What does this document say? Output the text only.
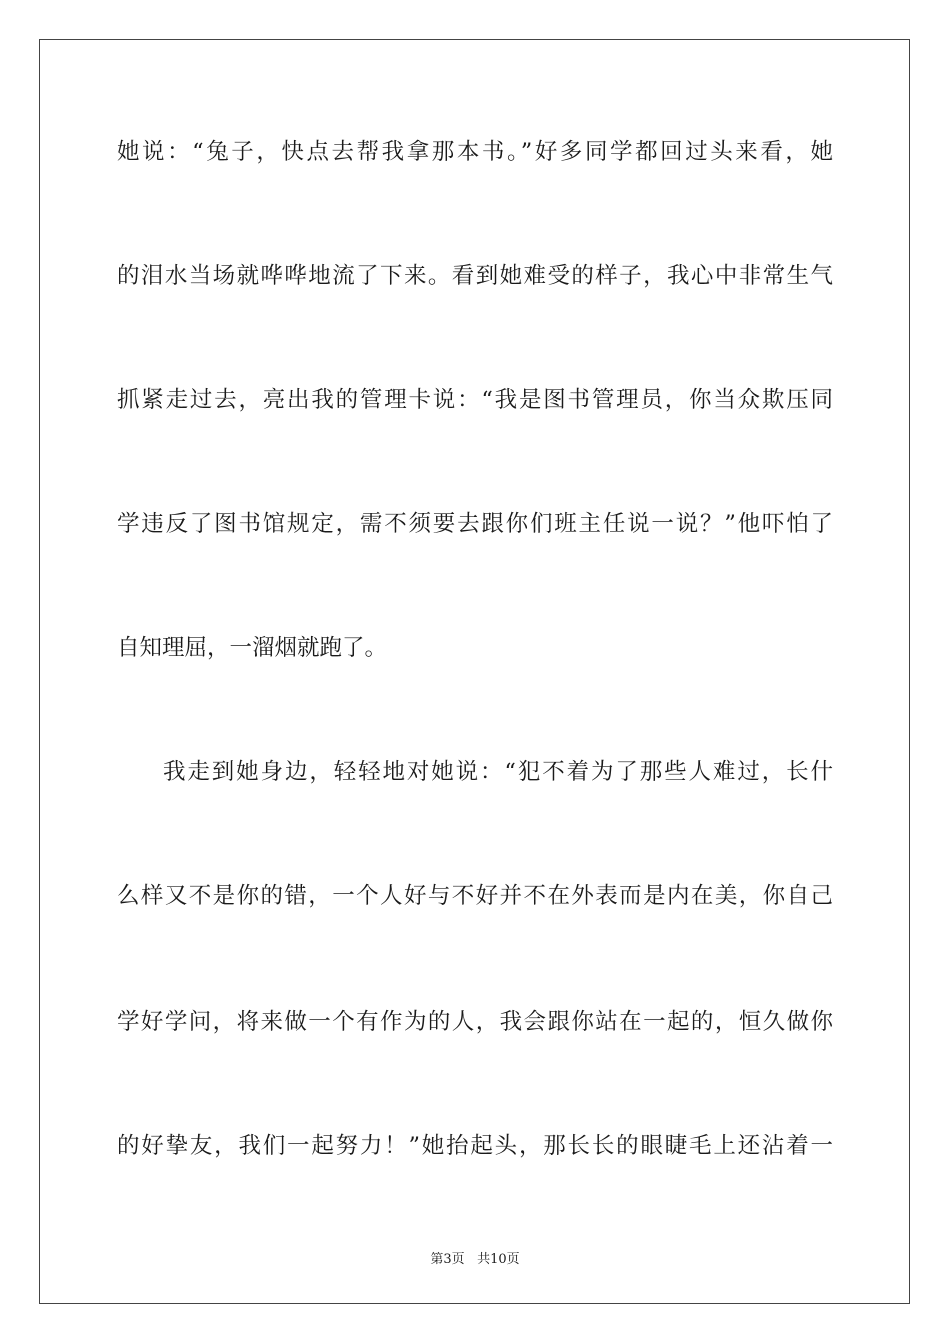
她说：“兔子，快点去帮我拿那本书。”好多同学都回过头来看，她
的泪水当场就哗哗地流了下来。看到她难受的样子，我心中非常生气
抓紧走过去，亮出我的管理卡说：“我是图书管理员，你当众欺压同
学违反了图书馆规定，需不须要去跟你们班主任说一说？”他吓怕了
自知理屈，一溜烟就跑了。
我走到她身边，轻轻地对她说：“犯不着为了那些人难过，长什
么样又不是你的错，一个人好与不好并不在外表而是内在美，你自己
学好学问，将来做一个有作为的人，我会跟你站在一起的，恒久做你
的好挚友，我们一起努力！”她抬起头，那长长的眼睫毛上还沾着一
第3页 共10页
